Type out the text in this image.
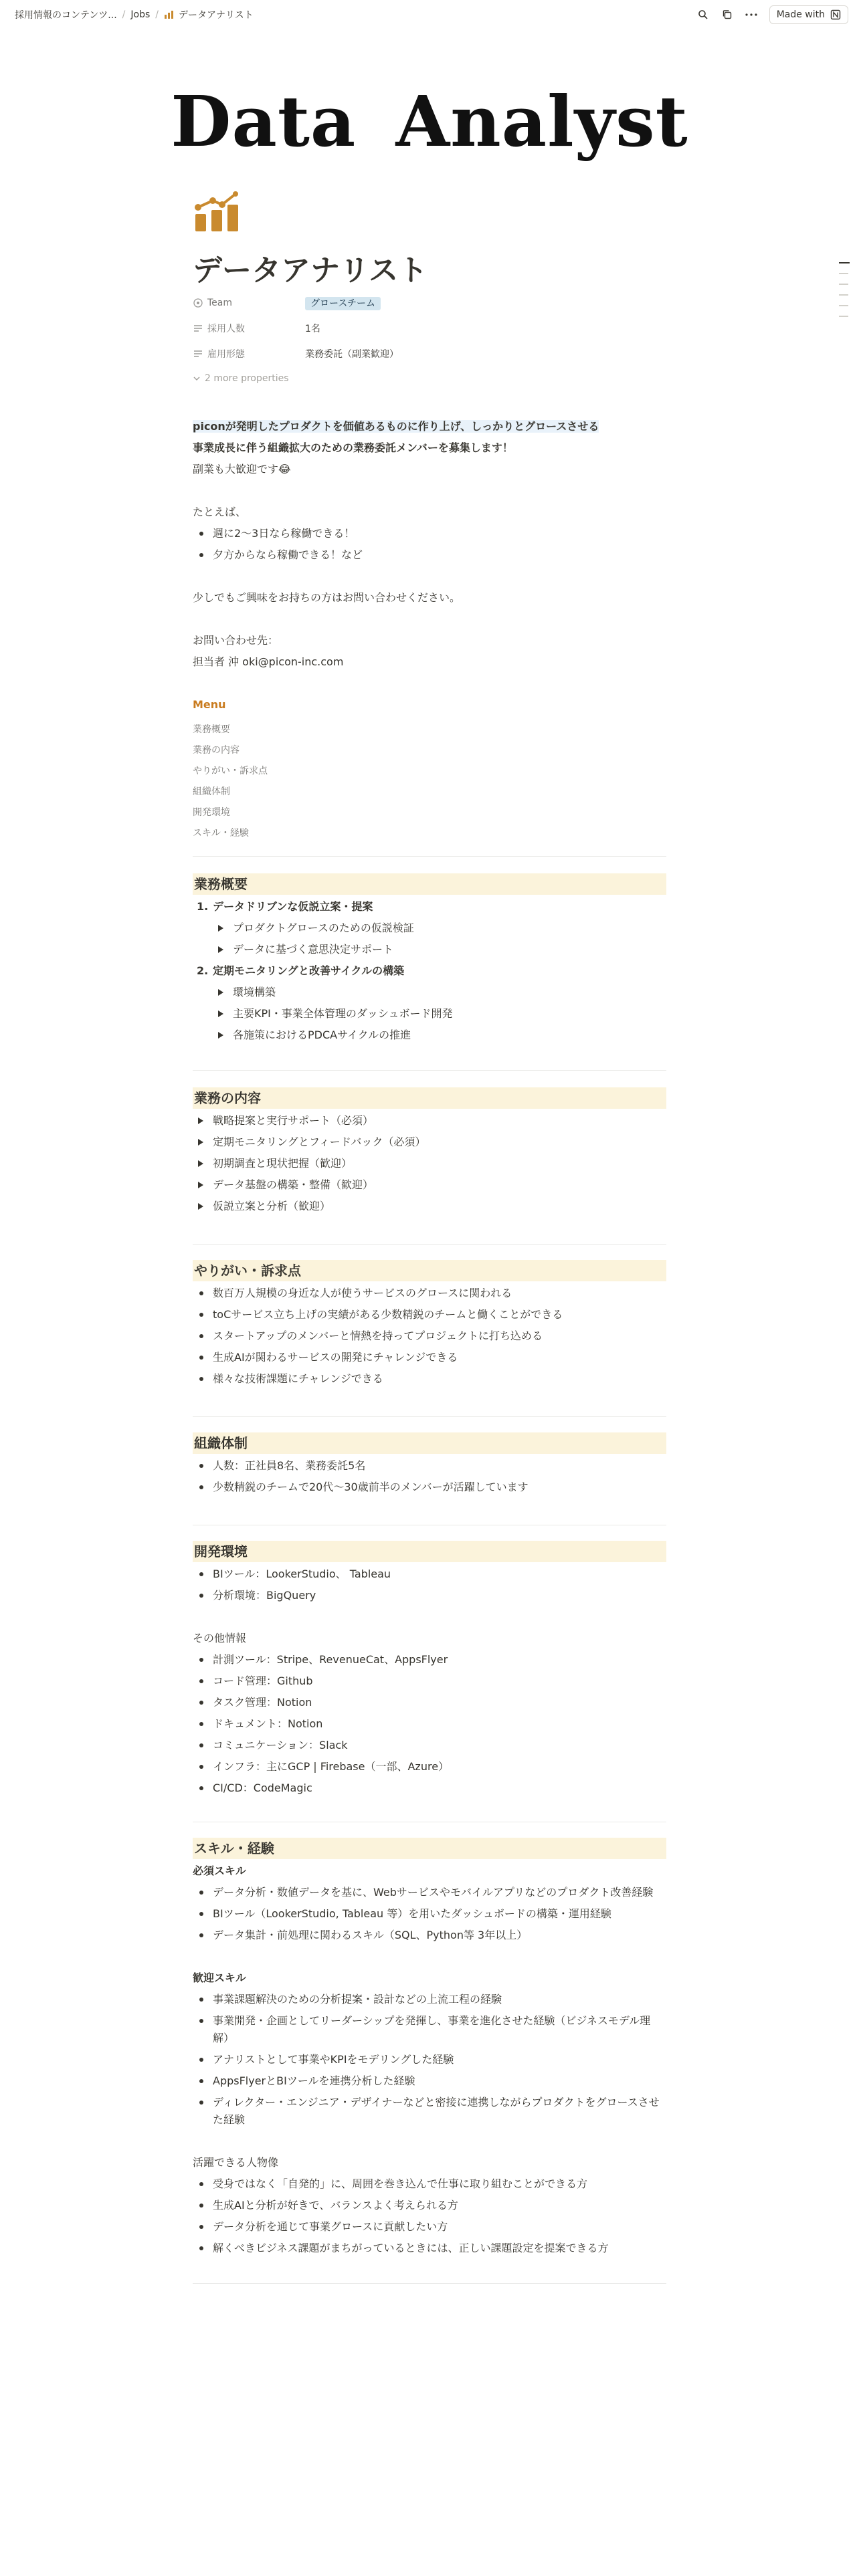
採用情報のコンテンツ... / Jobs /	データアナリスト	Made with
Data Analyst
データアナリスト
Team	グロースチーム
採用人数	1名
雇用形態	業務委託（副業歓迎）
2 more properties
piconが発明したプロダクトを価値あるものに作り上げ、しっかりとグロースさせる
事業成長に伴う組織拡大のための業務委託メンバーを募集します！
副業も大歓迎です😂
たとえば、
週に2〜3日なら稼働できる！
夕方からなら稼働できる！など
少しでもご興味をお持ちの方はお問い合わせください。
お問い合わせ先：
担当者 沖 oki@picon-inc.com
Menu
業務概要
業務の内容
やりがい・訴求点
組織体制
開発環境
スキル・経験
業務概要
1. データドリブンな仮説立案・提案
プロダクトグロースのための仮説検証
データに基づく意思決定サポート
2. 定期モニタリングと改善サイクルの構築
環境構築
主要KPI・事業全体管理のダッシュボード開発
各施策におけるPDCAサイクルの推進
業務の内容
戦略提案と実行サポート（必須）
定期モニタリングとフィードバック（必須）
初期調査と現状把握（歓迎）
データ基盤の構築・整備（歓迎）
仮説立案と分析（歓迎）
やりがい・訴求点
数百万人規模の身近な人が使うサービスのグロースに関われる
toCサービス立ち上げの実績がある少数精鋭のチームと働くことができる
スタートアップのメンバーと情熱を持ってプロジェクトに打ち込める
生成AIが関わるサービスの開発にチャレンジできる
様々な技術課題にチャレンジできる
組織体制
人数：正社員8名、業務委託5名
少数精鋭のチームで20代〜30歳前半のメンバーが活躍しています
開発環境
BIツール：LookerStudio、 Tableau
分析環境：BigQuery
その他情報
計測ツール：Stripe、RevenueCat、AppsFlyer
コード管理：Github
タスク管理：Notion
ドキュメント：Notion
コミュニケーション：Slack
インフラ：主にGCP | Firebase（一部、Azure）
CI/CD：CodeMagic
スキル・経験
必須スキル
データ分析・数値データを基に、Webサービスやモバイルアプリなどのプロダクト改善経験
BIツール（LookerStudio, Tableau 等）を用いたダッシュボードの構築・運用経験
データ集計・前処理に関わるスキル（SQL、Python等 3年以上）
歓迎スキル
事業課題解決のための分析提案・設計などの上流工程の経験
事業開発・企画としてリーダーシップを発揮し、事業を進化させた経験（ビジネスモデル理解）
アナリストとして事業やKPIをモデリングした経験
AppsFlyerとBIツールを連携分析した経験
ディレクター・エンジニア・デザイナーなどと密接に連携しながらプロダクトをグロースさせた経験
活躍できる人物像
受身ではなく「自発的」に、周囲を巻き込んで仕事に取り組むことができる方
生成AIと分析が好きで、バランスよく考えられる方
データ分析を通じて事業グロースに貢献したい方
解くべきビジネス課題がまちがっているときには、正しい課題設定を提案できる方
